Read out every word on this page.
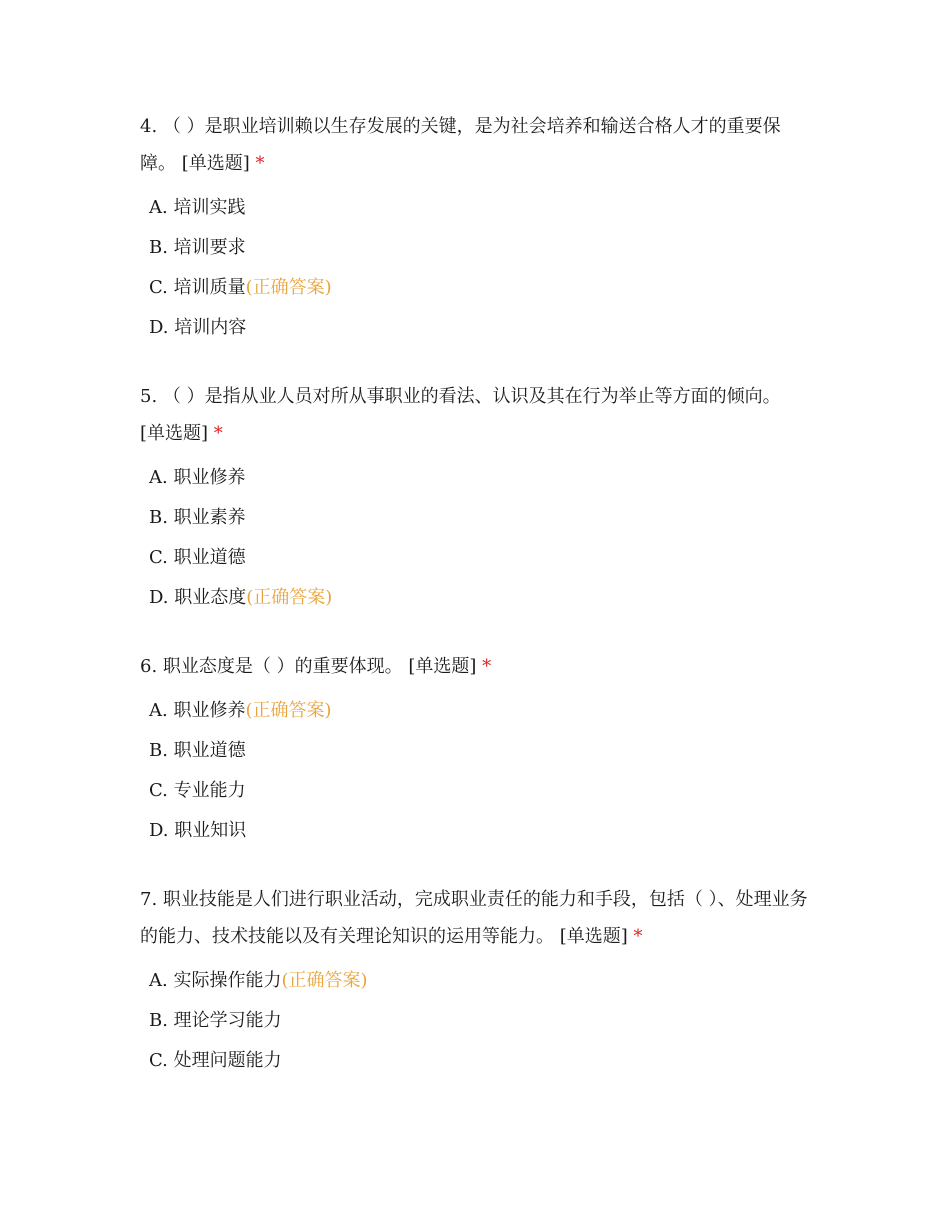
4. （ ）是职业培训赖以生存发展的关键，是为社会培养和输送合格人才的重要保障。 [单选题] *

A. 培训实践
B. 培训要求
C. 培训质量(正确答案)
D. 培训内容

5. （ ）是指从业人员对所从事职业的看法、认识及其在行为举止等方面的倾向。 [单选题] *

A. 职业修养
B. 职业素养
C. 职业道德
D. 职业态度(正确答案)

6. 职业态度是（ ）的重要体现。 [单选题] *

A. 职业修养(正确答案)
B. 职业道德
C. 专业能力
D. 职业知识

7. 职业技能是人们进行职业活动，完成职业责任的能力和手段，包括（ ）、处理业务的能力、技术技能以及有关理论知识的运用等能力。 [单选题] *

A. 实际操作能力(正确答案)
B. 理论学习能力
C. 处理问题能力
